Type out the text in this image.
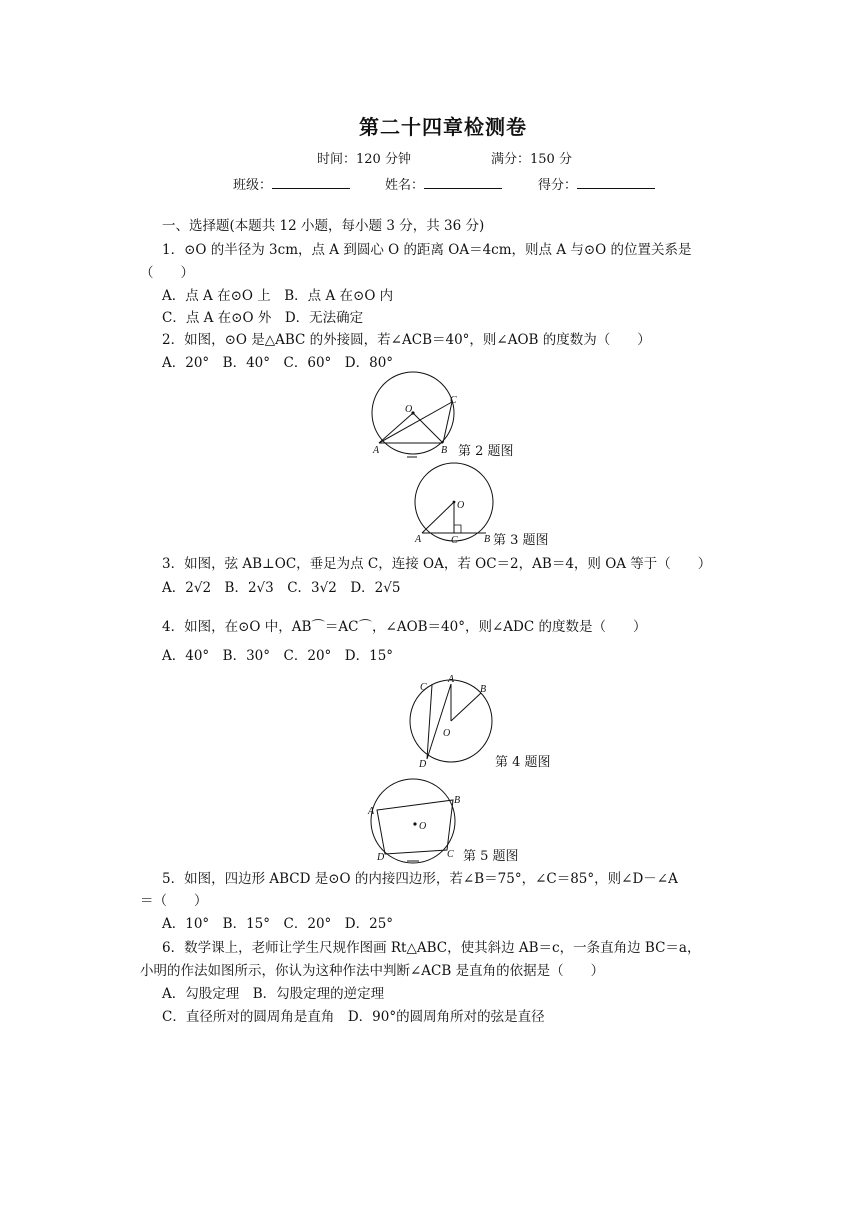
第二十四章检测卷
时间：120 分钟	满分：150 分
班级：	姓名：	得分：
一、选择题(本题共 12 小题，每小题 3 分，共 36 分)
1．⊙O 的半径为 3cm，点 A 到圆心 O 的距离 OA＝4cm，则点 A 与⊙O 的位置关系是
（　　）
A．点 A 在⊙O 上　B．点 A 在⊙O 内
C．点 A 在⊙O 外　D．无法确定
2．如图，⊙O 是△ABC 的外接圆，若∠ACB＝40°，则∠AOB 的度数为（　　）
A．20°　B．40°　C．60°　D．80°
O
A	B
C
第 2 题图
O
A	C	B 第 3 题图
3．如图，弦 AB⊥OC，垂足为点 C，连接 OA，若 OC＝2，AB＝4，则 OA 等于（　　）
A．2√2　B．2√3　C．3√2　D．2√5
4．如图，在⊙O 中，AB⌒＝AC⌒，∠AOB＝40°，则∠ADC 的度数是（　　）
A．40°　B．30°　C．20°　D．15°
C
A
B
O
D	第 4 题图
O
A
B
C
D	第 5 题图
5．如图，四边形 ABCD 是⊙O 的内接四边形，若∠B＝75°，∠C＝85°，则∠D－∠A
＝（　　）
A．10°　B．15°　C．20°　D．25°
6．数学课上，老师让学生尺规作图画 Rt△ABC，使其斜边 AB＝c，一条直角边 BC＝a，
小明的作法如图所示，你认为这种作法中判断∠ACB 是直角的依据是（　　）
A．勾股定理　B．勾股定理的逆定理
C．直径所对的圆周角是直角　D．90°的圆周角所对的弦是直径
